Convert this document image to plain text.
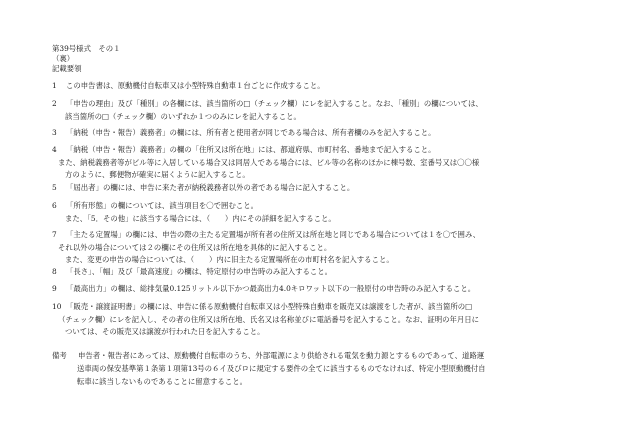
第39号様式　その１
（裏）
記載要領
1 この申告書は、原動機付自転車又は小型特殊自動車１台ごとに作成すること。
2 「申告の理由」及び「種別」の各欄には、該当箇所の□（チェック欄）にレを記入すること。なお、「種別」の欄については、
該当箇所の□（チェック欄）のいずれか１つのみにレを記入すること。
3 「納税（申告・報告）義務者」の欄には、所有者と使用者が同じである場合は、所有者欄のみを記入すること。
4 「納税（申告・報告）義務者」の欄の「住所又は所在地」には、都道府県、市町村名、番地まで記入すること。
また、納税義務者等がビル等に入居している場合又は同居人である場合には、ビル等の名称のほかに棟号数、室番号又は〇〇様
方のように、郵便物が確実に届くように記入すること。
5 「屆出者」の欄には、申告に来た者が納税義務者以外の者である場合に記入すること。
6 「所有形態」の欄については、該当項目を〇で囲むこと。
また、「5．その他」に該当する場合には、（　　）内にその詳細を記入すること。
7 「主たる定置場」の欄には、申告の際の主たる定置場が所有者の住所又は所在地と同じである場合については１を〇で囲み、
それ以外の場合については２の欄にその住所又は所在地を具体的に記入すること。
また、変更の申告の場合については、（　　）内に旧主たる定置場所在の市町村名を記入すること。
8 「長さ」、「幅」及び「最高速度」の欄は、特定原付の申告時のみ記入すること。
9 「最高出力」の欄は、総排気量0.125リットル以下かつ最高出力4.0キロワット以下の一般原付の申告時のみ記入すること。
10 「販売・譲渡証明書」の欄には、申告に係る原動機付自転車又は小型特殊自動車を販売又は譲渡をした者が、該当箇所の□
（チェック欄）にレを記入し、その者の住所又は所在地、氏名又は名称並びに電話番号を記入すること。なお、証明の年月日に
ついては、その販売又は譲渡が行われた日を記入すること。
備考 申告者・報告者にあっては、原動機付自転車のうち、外部電源により供給される電気を動力源とするものであって、道路運
送車両の保安基準第１条第１項第13号の６イ及びロに規定する要件の全てに該当するものでなければ、特定小型原動機付自
転車に該当しないものであることに留意すること。
